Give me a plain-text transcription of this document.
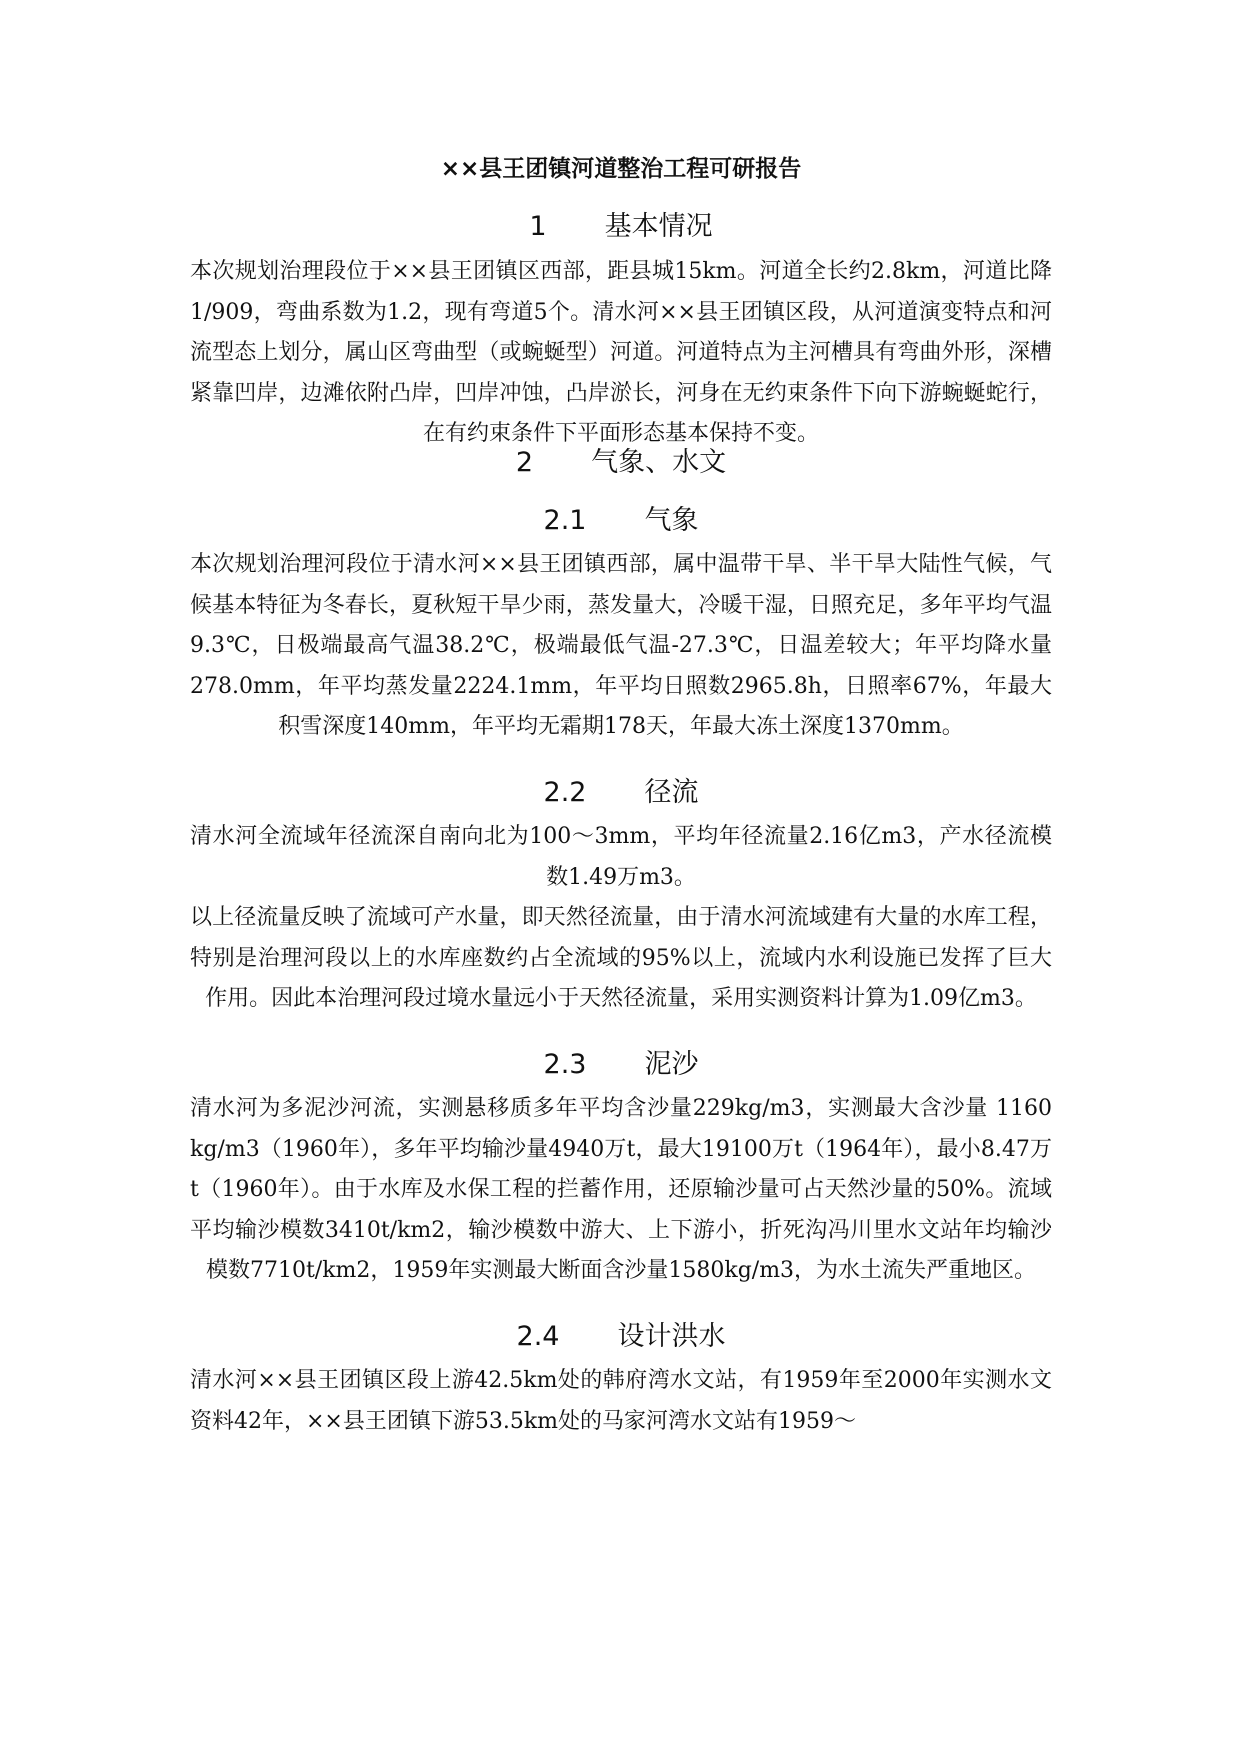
××县王团镇河道整治工程可研报告
1 基本情况
本次规划治理段位于××县王团镇区西部，距县城15km。河道全长约2.8km，河道比降1/909，弯曲系数为1.2，现有弯道5个。清水河××县王团镇区段，从河道演变特点和河流型态上划分，属山区弯曲型（或蜿蜒型）河道。河道特点为主河槽具有弯曲外形，深槽紧靠凹岸，边滩依附凸岸，凹岸冲蚀，凸岸淤长，河身在无约束条件下向下游蜿蜒蛇行，在有约束条件下平面形态基本保持不变。
2 气象、水文
2.1 气象
本次规划治理河段位于清水河××县王团镇西部，属中温带干旱、半干旱大陆性气候，气候基本特征为冬春长，夏秋短干旱少雨，蒸发量大，冷暖干湿，日照充足，多年平均气温9.3℃，日极端最高气温38.2℃，极端最低气温-27.3℃，日温差较大；年平均降水量278.0mm，年平均蒸发量2224.1mm，年平均日照数2965.8h，日照率67%，年最大积雪深度140mm，年平均无霜期178天，年最大冻土深度1370mm。
2.2 径流
清水河全流域年径流深自南向北为100～3mm，平均年径流量2.16亿m3，产水径流模数1.49万m3。
以上径流量反映了流域可产水量，即天然径流量，由于清水河流域建有大量的水库工程，特别是治理河段以上的水库座数约占全流域的95%以上，流域内水利设施已发挥了巨大作用。因此本治理河段过境水量远小于天然径流量，采用实测资料计算为1.09亿m3。
2.3 泥沙
清水河为多泥沙河流，实测悬移质多年平均含沙量229kg/m3，实测最大含沙量 1160 kg/m3（1960年），多年平均输沙量4940万t，最大19100万t（1964年），最小8.47万t（1960年）。由于水库及水保工程的拦蓄作用，还原输沙量可占天然沙量的50%。流域平均输沙模数3410t/km2，输沙模数中游大、上下游小，折死沟冯川里水文站年均输沙模数7710t/km2，1959年实测最大断面含沙量1580kg/m3，为水土流失严重地区。
2.4 设计洪水
清水河××县王团镇区段上游42.5km处的韩府湾水文站，有1959年至2000年实测水文资料42年，××县王团镇下游53.5km处的马家河湾水文站有1959～
